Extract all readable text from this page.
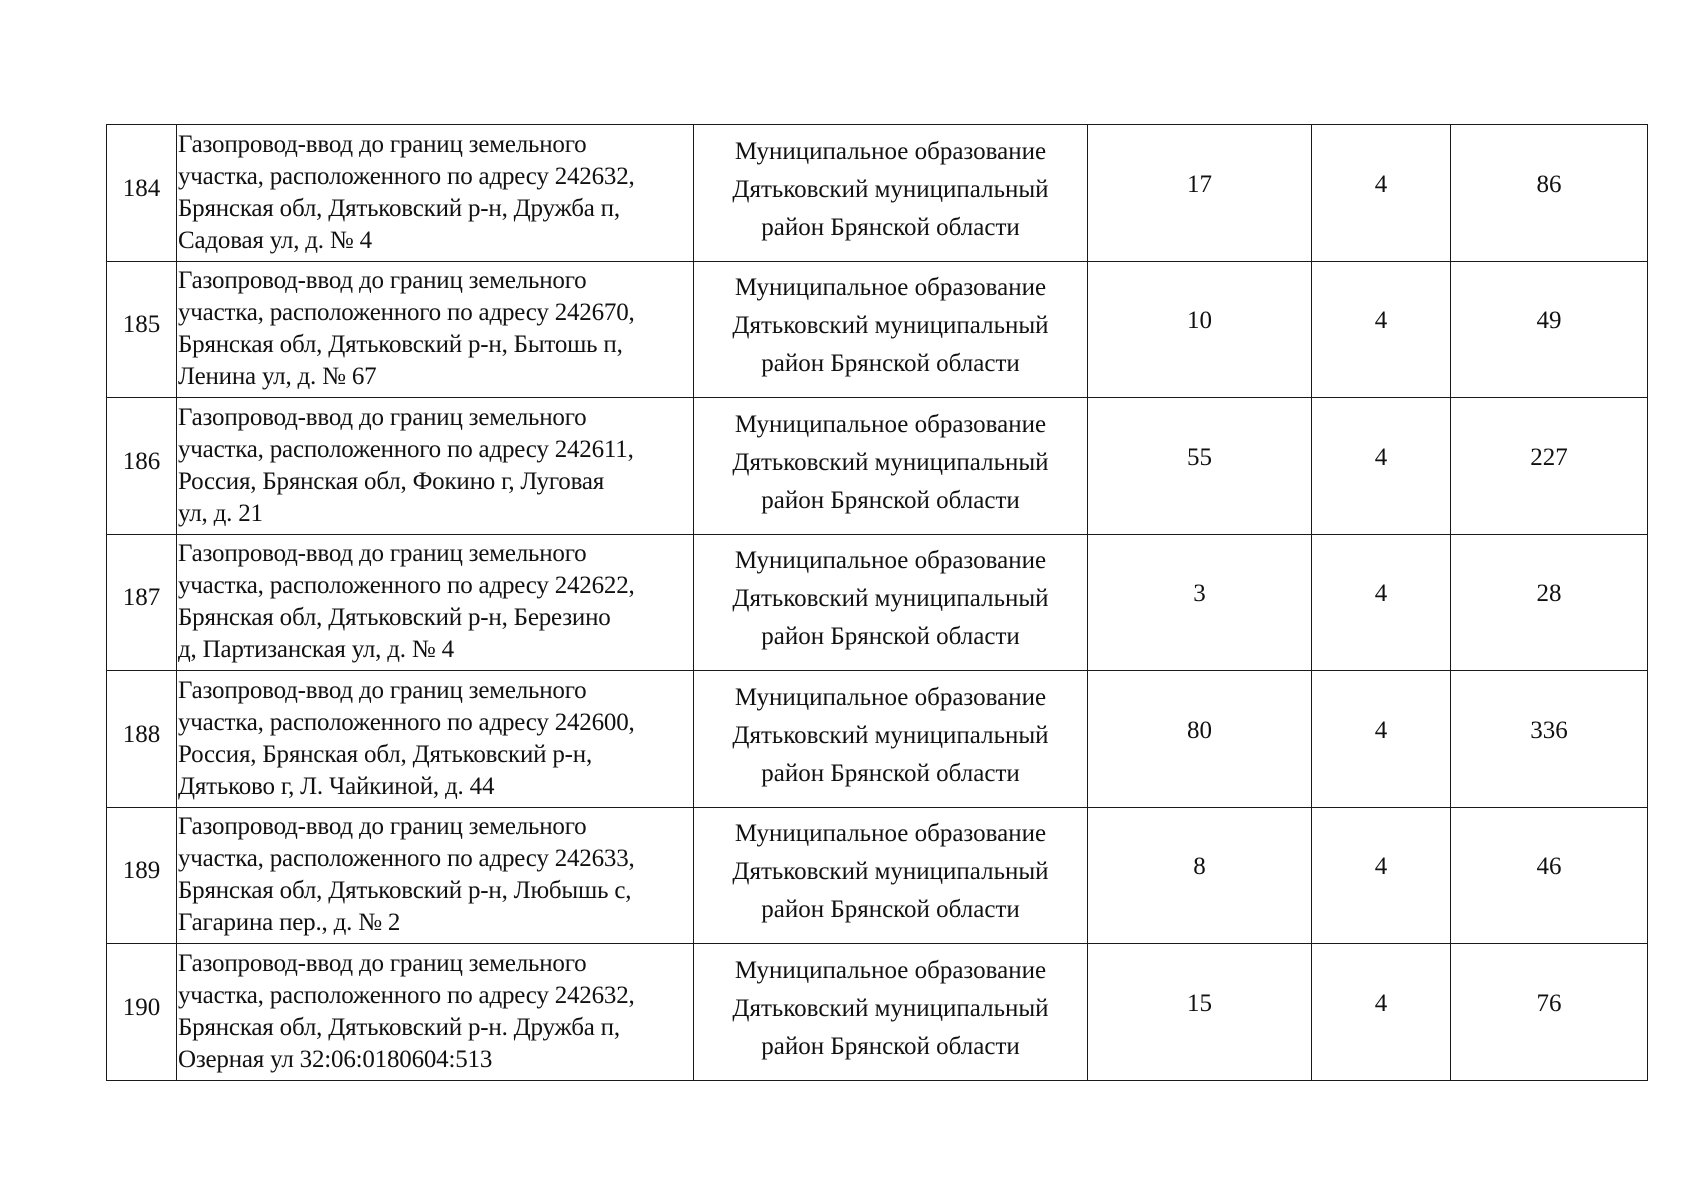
184	Газопровод-ввод до границ земельного
участка, расположенного по адресу 242632,
Брянская обл, Дятьковский р-н, Дружба п,
Садовая ул, д. № 4	Муниципальное образование
Дятьковский муниципальный
район Брянской области	17	4	86
185	Газопровод-ввод до границ земельного
участка, расположенного по адресу 242670,
Брянская обл, Дятьковский р-н, Бытошь п,
Ленина ул, д. № 67	Муниципальное образование
Дятьковский муниципальный
район Брянской области	10	4	49
186	Газопровод-ввод до границ земельного
участка, расположенного по адресу 242611,
Россия, Брянская обл, Фокино г, Луговая
ул, д. 21	Муниципальное образование
Дятьковский муниципальный
район Брянской области	55	4	227
187	Газопровод-ввод до границ земельного
участка, расположенного по адресу 242622,
Брянская обл, Дятьковский р-н, Березино
д, Партизанская ул, д. № 4	Муниципальное образование
Дятьковский муниципальный
район Брянской области	3	4	28
188	Газопровод-ввод до границ земельного
участка, расположенного по адресу 242600,
Россия, Брянская обл, Дятьковский р-н,
Дятьково г, Л. Чайкиной, д. 44	Муниципальное образование
Дятьковский муниципальный
район Брянской области	80	4	336
189	Газопровод-ввод до границ земельного
участка, расположенного по адресу 242633,
Брянская обл, Дятьковский р-н, Любышь с,
Гагарина пер., д. № 2	Муниципальное образование
Дятьковский муниципальный
район Брянской области	8	4	46
190	Газопровод-ввод до границ земельного
участка, расположенного по адресу 242632,
Брянская обл, Дятьковский р-н. Дружба п,
Озерная ул 32:06:0180604:513	Муниципальное образование
Дятьковский муниципальный
район Брянской области	15	4	76
